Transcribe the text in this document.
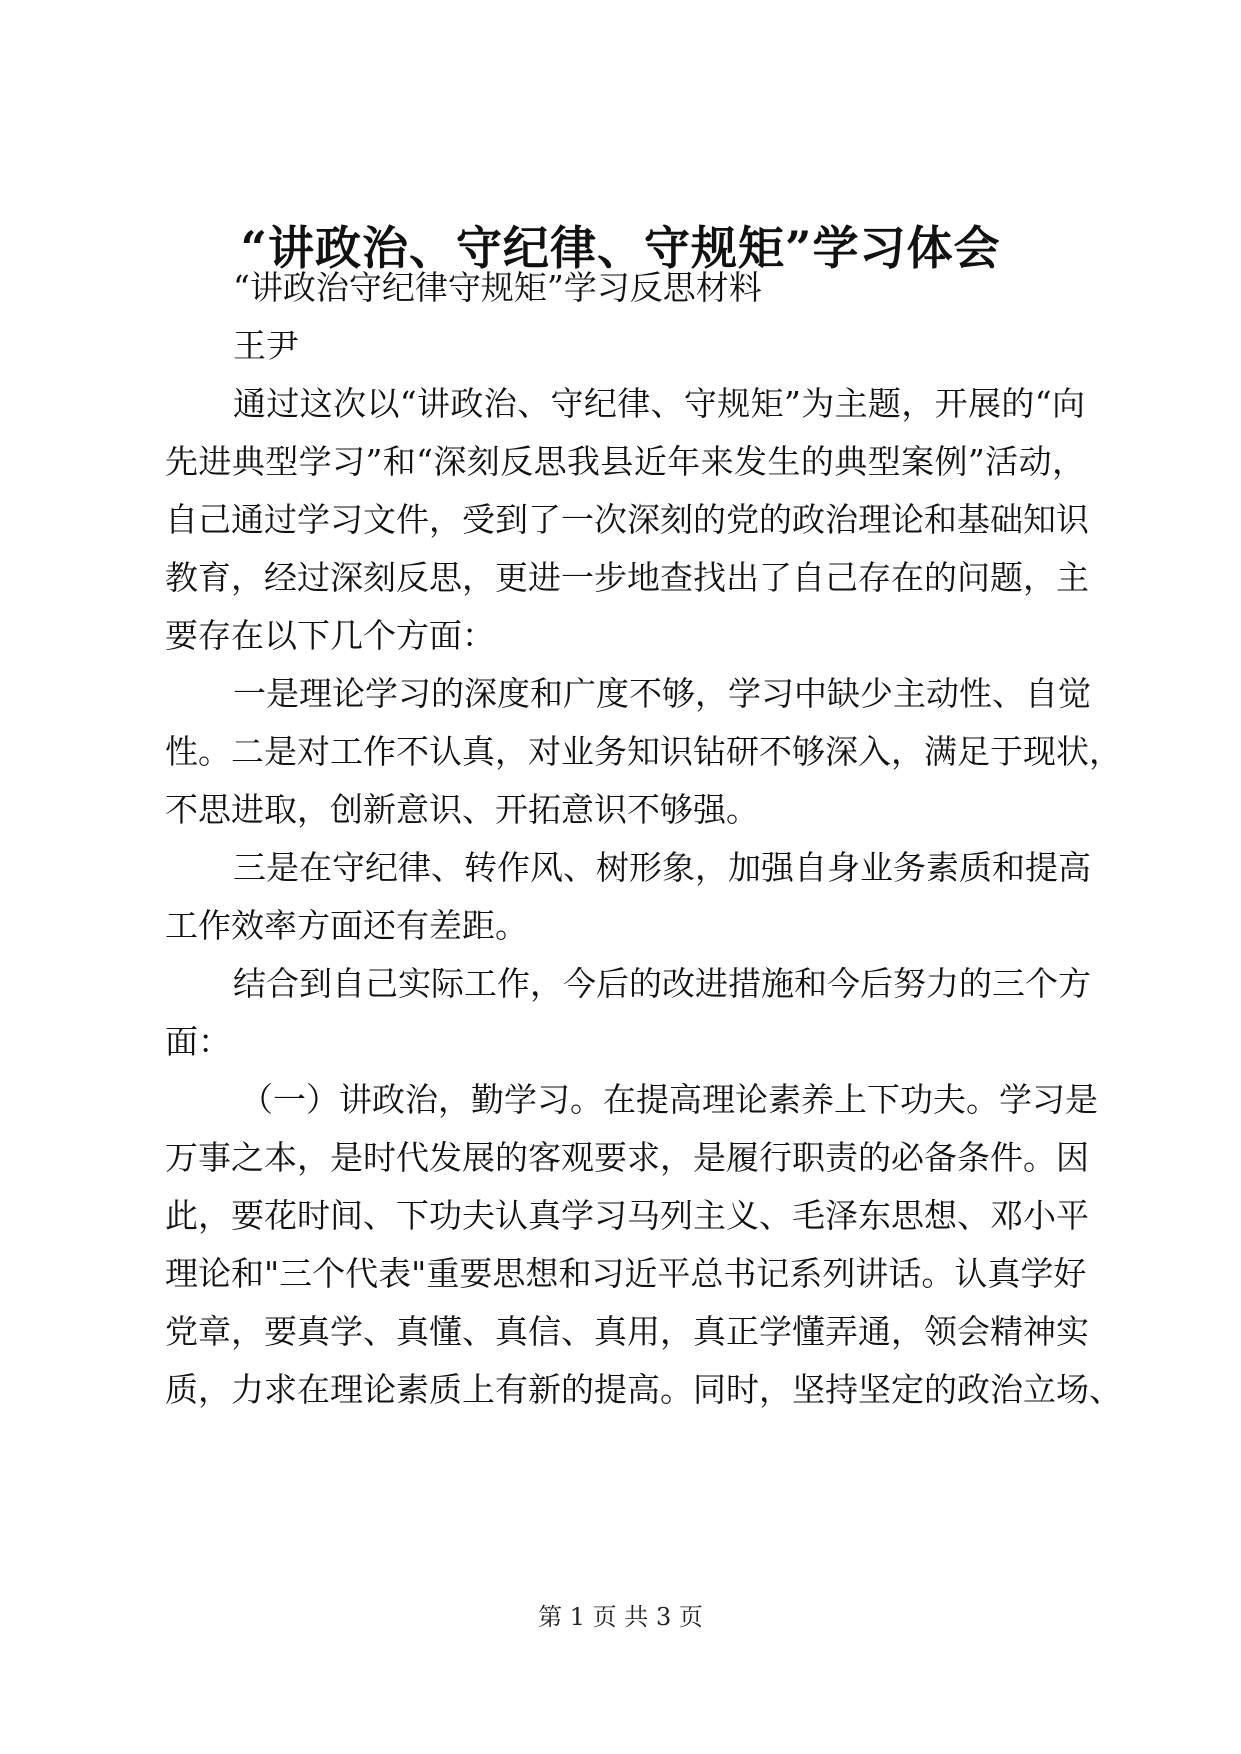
“讲政治、守纪律、守规矩”学习体会

“讲政治守纪律守规矩”学习反思材料

王尹

通过这次以“讲政治、守纪律、守规矩”为主题，开展的“向

先进典型学习”和“深刻反思我县近年来发生的典型案例”活动，

自己通过学习文件，受到了一次深刻的党的政治理论和基础知识

教育，经过深刻反思，更进一步地查找出了自己存在的问题，主

要存在以下几个方面：

一是理论学习的深度和广度不够，学习中缺少主动性、自觉

性。二是对工作不认真，对业务知识钻研不够深入，满足于现状，

不思进取，创新意识、开拓意识不够强。

三是在守纪律、转作风、树形象，加强自身业务素质和提高

工作效率方面还有差距。

结合到自己实际工作，今后的改进措施和今后努力的三个方

面：

（一）讲政治，勤学习。在提高理论素养上下功夫。学习是

万事之本，是时代发展的客观要求，是履行职责的必备条件。因

此，要花时间、下功夫认真学习马列主义、毛泽东思想、邓小平

理论和"三个代表"重要思想和习近平总书记系列讲话。认真学好

党章，要真学、真懂、真信、真用，真正学懂弄通，领会精神实

质，力求在理论素质上有新的提高。同时，坚持坚定的政治立场、

第 1 页 共 3 页
